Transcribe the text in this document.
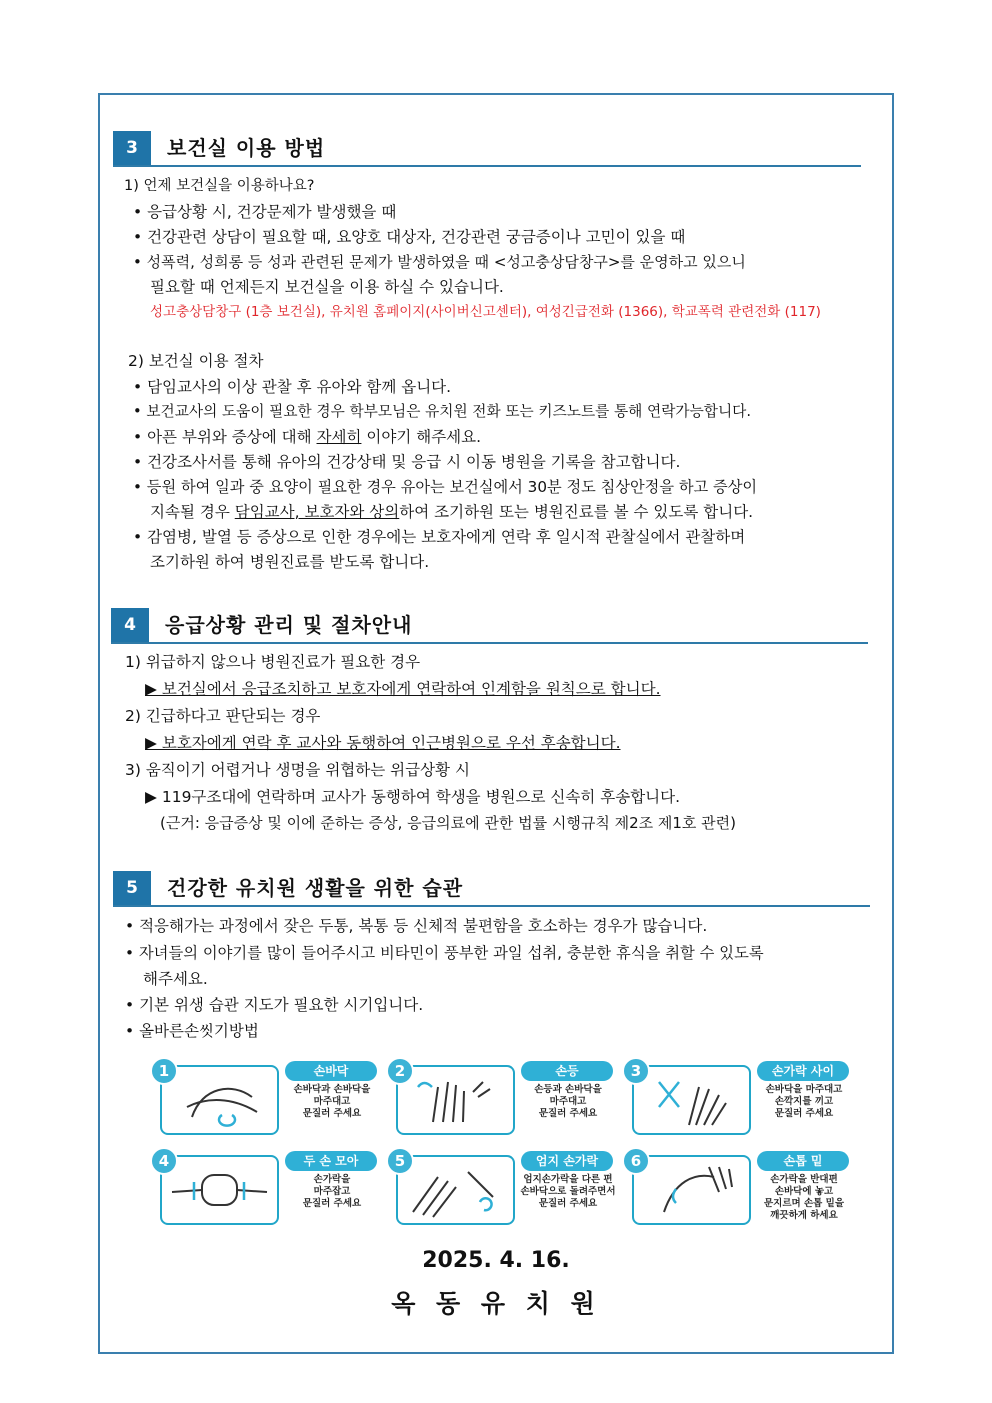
3	보건실 이용 방법
1) 언제 보건실을 이용하나요?
• 응급상황 시, 건강문제가 발생했을 때
• 건강관련 상담이 필요할 때, 요양호 대상자, 건강관련 궁금증이나 고민이 있을 때
• 성폭력, 성희롱 등 성과 관련된 문제가 발생하였을 때 <성고충상담창구>를 운영하고 있으니
필요할 때 언제든지 보건실을 이용 하실 수 있습니다.
성고충상담창구 (1층 보건실), 유치원 홈페이지(사이버신고센터), 여성긴급전화 (1366), 학교폭력 관련전화 (117)
2) 보건실 이용 절차
• 담임교사의 이상 관찰 후 유아와 함께 옵니다.
• 보건교사의 도움이 필요한 경우 학부모님은 유치원 전화 또는 키즈노트를 통해 연락가능합니다.
• 아픈 부위와 증상에 대해 자세히 이야기 해주세요.
• 건강조사서를 통해 유아의 건강상태 및 응급 시 이동 병원을 기록을 참고합니다.
• 등원 하여 일과 중 요양이 필요한 경우 유아는 보건실에서 30분 정도 침상안정을 하고 증상이
지속될 경우 담임교사, 보호자와 상의하여 조기하원 또는 병원진료를 볼 수 있도록 합니다.
• 감염병, 발열 등 증상으로 인한 경우에는 보호자에게 연락 후 일시적 관찰실에서 관찰하며
조기하원 하여 병원진료를 받도록 합니다.
4	응급상황 관리 및 절차안내
1) 위급하지 않으나 병원진료가 필요한 경우
▶ 보건실에서 응급조치하고 보호자에게 연락하여 인계함을 원칙으로 합니다.
2) 긴급하다고 판단되는 경우
▶ 보호자에게 연락 후 교사와 동행하여 인근병원으로 우선 후송합니다.
3) 움직이기 어렵거나 생명을 위협하는 위급상황 시
▶ 119구조대에 연락하며 교사가 동행하여 학생을 병원으로 신속히 후송합니다.
(근거: 응급증상 및 이에 준하는 증상, 응급의료에 관한 법률 시행규칙 제2조 제1호 관련)
5	건강한 유치원 생활을 위한 습관
• 적응해가는 과정에서 잦은 두통, 복통 등 신체적 불편함을 호소하는 경우가 많습니다.
• 자녀들의 이야기를 많이 들어주시고 비타민이 풍부한 과일 섭취, 충분한 휴식을 취할 수 있도록
해주세요.
• 기본 위생 습관 지도가 필요한 시기입니다.
• 올바른손씻기방법
1	손바닥
손바닥과 손바닥을
마주대고
문질러 주세요
2	손등
손등과 손바닥을
마주대고
문질러 주세요
3	손가락 사이
손바닥을 마주대고
손깍지를 끼고
문질러 주세요
4	두 손 모아
손가락을
마주잡고
문질러 주세요
5	엄지 손가락
엄지손가락을 다른 편
손바닥으로 돌려주면서
문질러 주세요
6	손톱 밑
손가락을 반대편
손바닥에 놓고
문지르며 손톱 밑을
깨끗하게 하세요
2025. 4. 16.
옥 동 유 치 원
